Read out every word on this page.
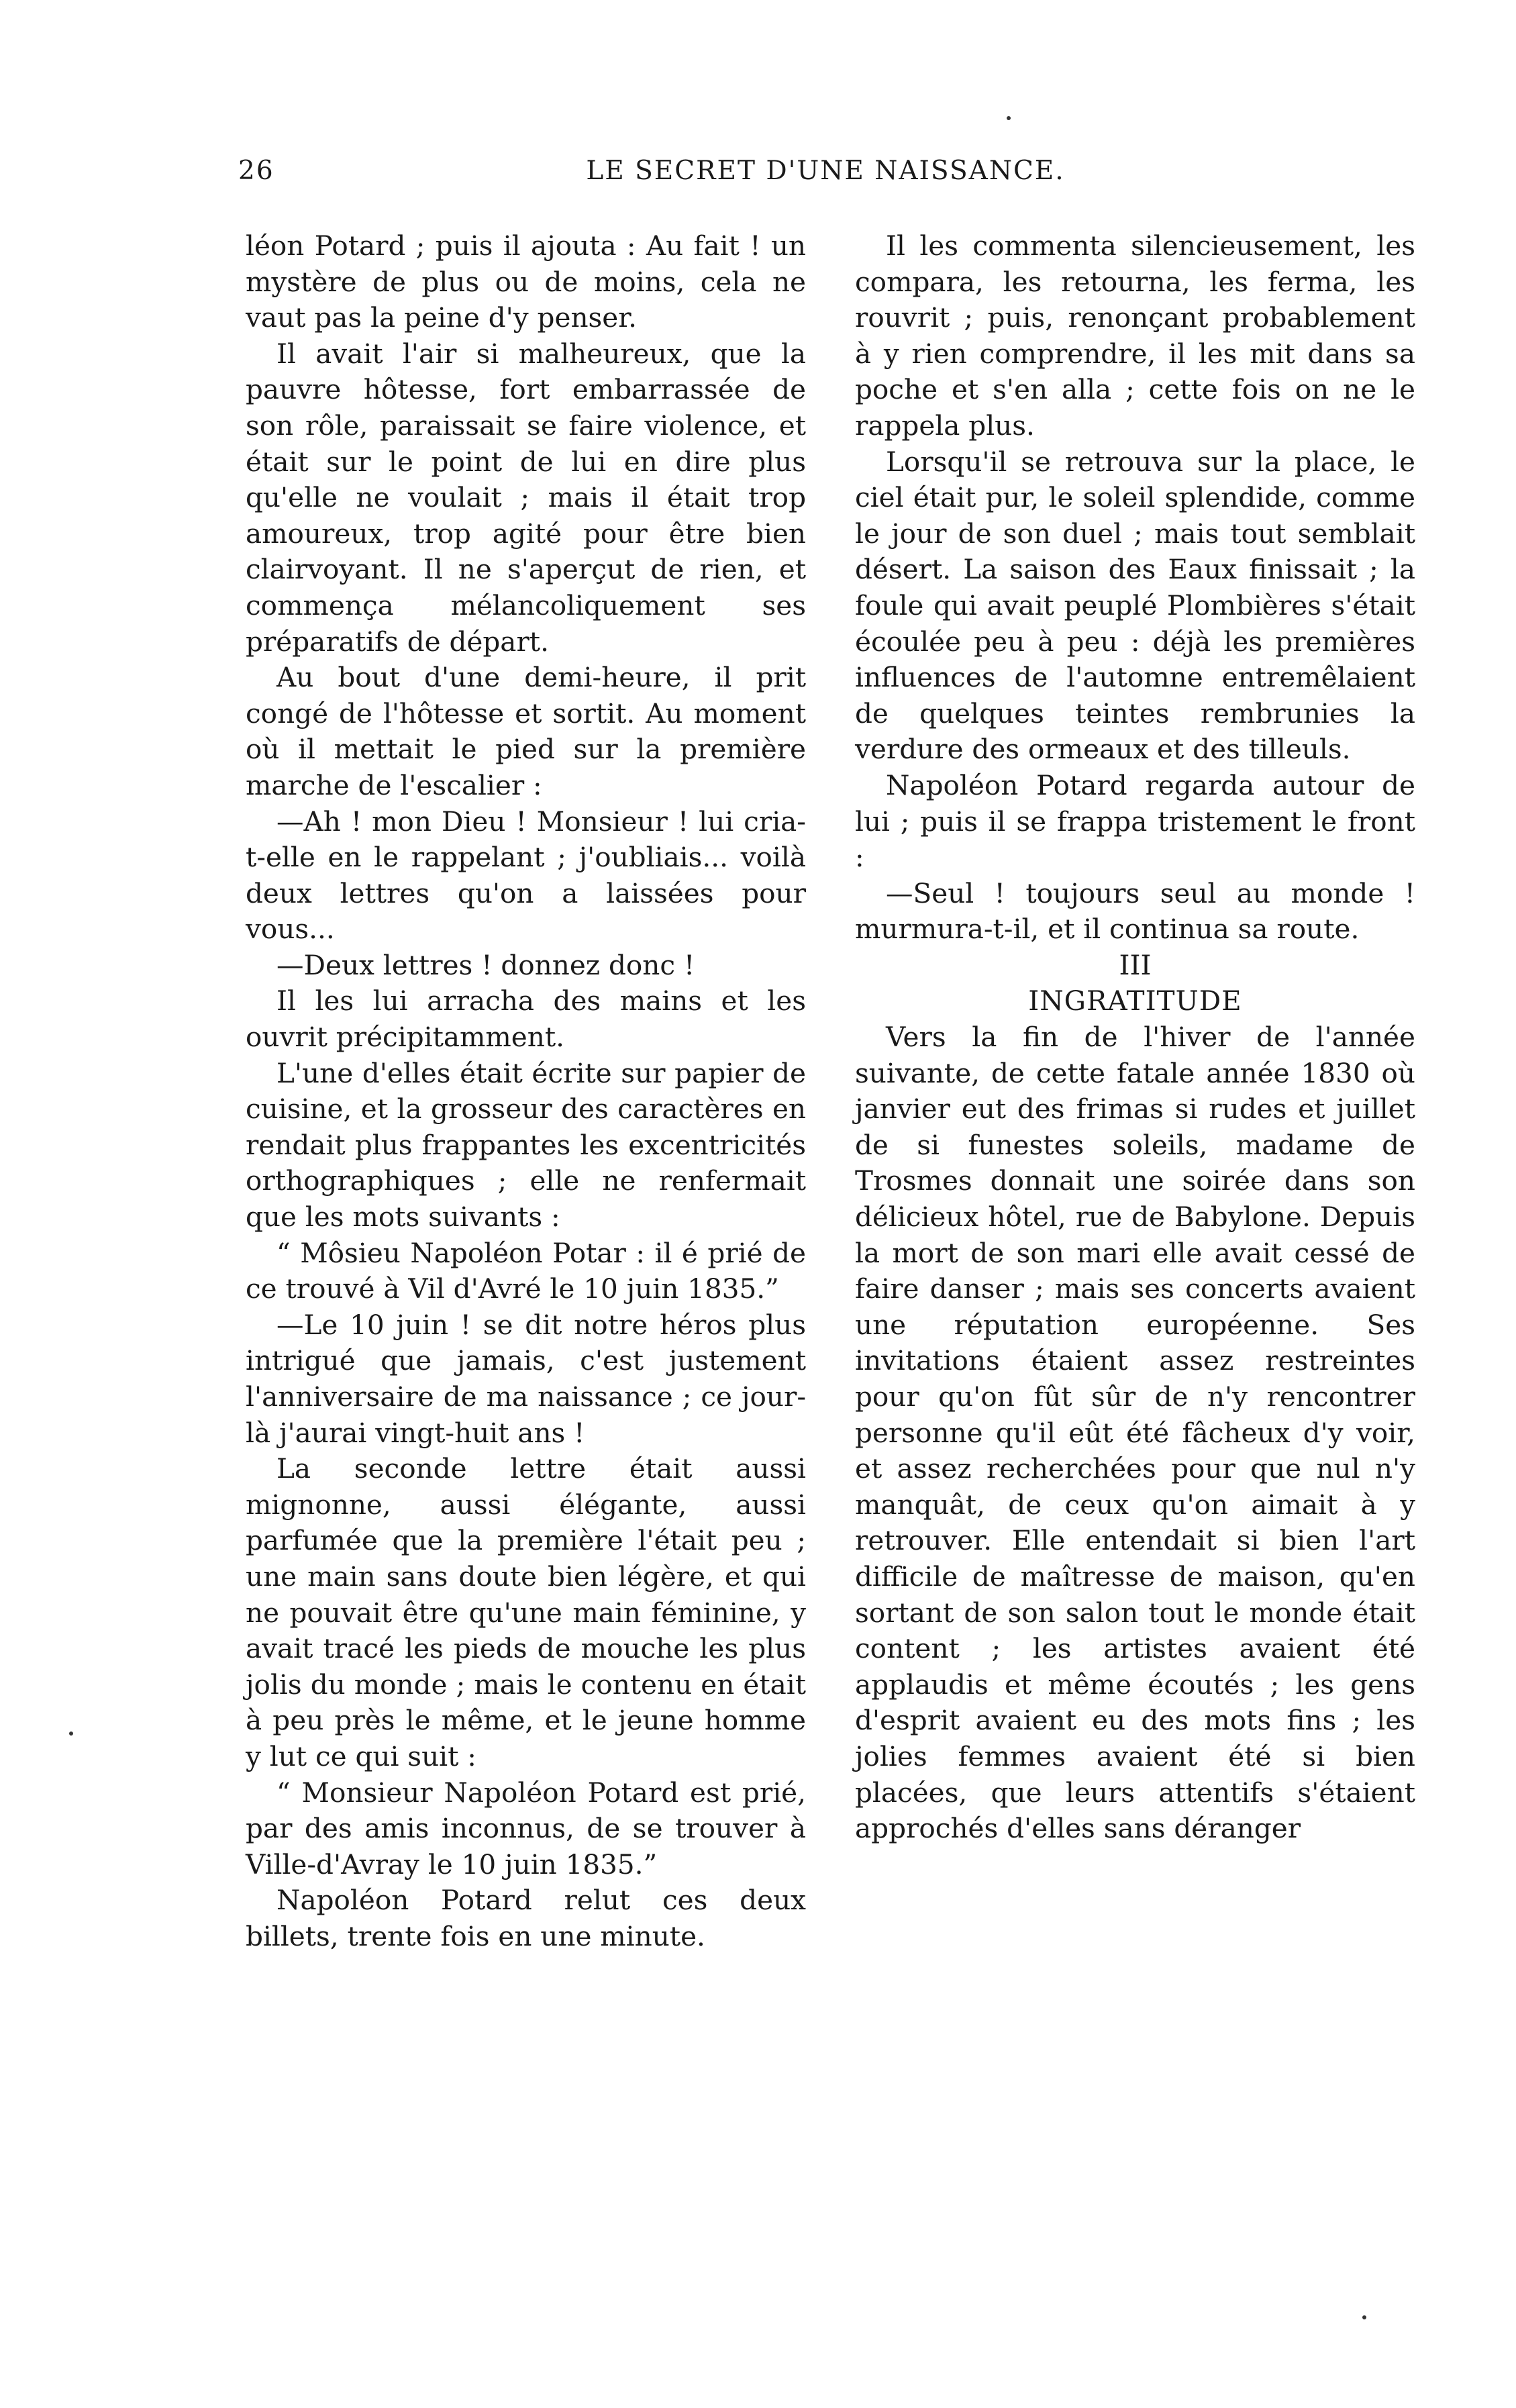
26	LE SECRET D'UNE NAISSANCE.

léon Potard ; puis il ajouta : Au fait ! un mystère de plus ou de moins, cela ne vaut pas la peine d'y penser.

Il avait l'air si malheureux, que la pauvre hôtesse, fort embarrassée de son rôle, paraissait se faire violence, et était sur le point de lui en dire plus qu'elle ne voulait ; mais il était trop amoureux, trop agité pour être bien clairvoyant. Il ne s'aperçut de rien, et commença mélancoliquement ses préparatifs de départ.

Au bout d'une demi-heure, il prit congé de l'hôtesse et sortit. Au moment où il mettait le pied sur la première marche de l'escalier :

—Ah ! mon Dieu ! Monsieur ! lui cria-t-elle en le rappelant ; j'oubliais... voilà deux lettres qu'on a laissées pour vous...

—Deux lettres ! donnez donc !

Il les lui arracha des mains et les ouvrit précipitamment.

L'une d'elles était écrite sur papier de cuisine, et la grosseur des caractères en rendait plus frappantes les excentricités orthographiques ; elle ne renfermait que les mots suivants :

“ Môsieu Napoléon Potar : il é prié de ce trouvé à Vil d'Avré le 10 juin 1835.”

—Le 10 juin ! se dit notre héros plus intrigué que jamais, c'est justement l'anniversaire de ma naissance ; ce jour-là j'aurai vingt-huit ans !

La seconde lettre était aussi mignonne, aussi élégante, aussi parfumée que la première l'était peu ; une main sans doute bien légère, et qui ne pouvait être qu'une main féminine, y avait tracé les pieds de mouche les plus jolis du monde ; mais le contenu en était à peu près le même, et le jeune homme y lut ce qui suit :

“ Monsieur Napoléon Potard est prié, par des amis inconnus, de se trouver à Ville-d'Avray le 10 juin 1835.”

Napoléon Potard relut ces deux billets, trente fois en une minute.

Il les commenta silencieusement, les compara, les retourna, les ferma, les rouvrit ; puis, renonçant probablement à y rien comprendre, il les mit dans sa poche et s'en alla ; cette fois on ne le rappela plus.

Lorsqu'il se retrouva sur la place, le ciel était pur, le soleil splendide, comme le jour de son duel ; mais tout semblait désert. La saison des Eaux finissait ; la foule qui avait peuplé Plombières s'était écoulée peu à peu : déjà les premières influences de l'automne entremêlaient de quelques teintes rembrunies la verdure des ormeaux et des tilleuls.

Napoléon Potard regarda autour de lui ; puis il se frappa tristement le front :

—Seul ! toujours seul au monde ! murmura-t-il, et il continua sa route.

III

INGRATITUDE

Vers la fin de l'hiver de l'année suivante, de cette fatale année 1830 où janvier eut des frimas si rudes et juillet de si funestes soleils, madame de Trosmes donnait une soirée dans son délicieux hôtel, rue de Babylone. Depuis la mort de son mari elle avait cessé de faire danser ; mais ses concerts avaient une réputation européenne. Ses invitations étaient assez restreintes pour qu'on fût sûr de n'y rencontrer personne qu'il eût été fâcheux d'y voir, et assez recherchées pour que nul n'y manquât, de ceux qu'on aimait à y retrouver. Elle entendait si bien l'art difficile de maîtresse de maison, qu'en sortant de son salon tout le monde était content ; les artistes avaient été applaudis et même écoutés ; les gens d'esprit avaient eu des mots fins ; les jolies femmes avaient été si bien placées, que leurs attentifs s'étaient approchés d'elles sans déranger
